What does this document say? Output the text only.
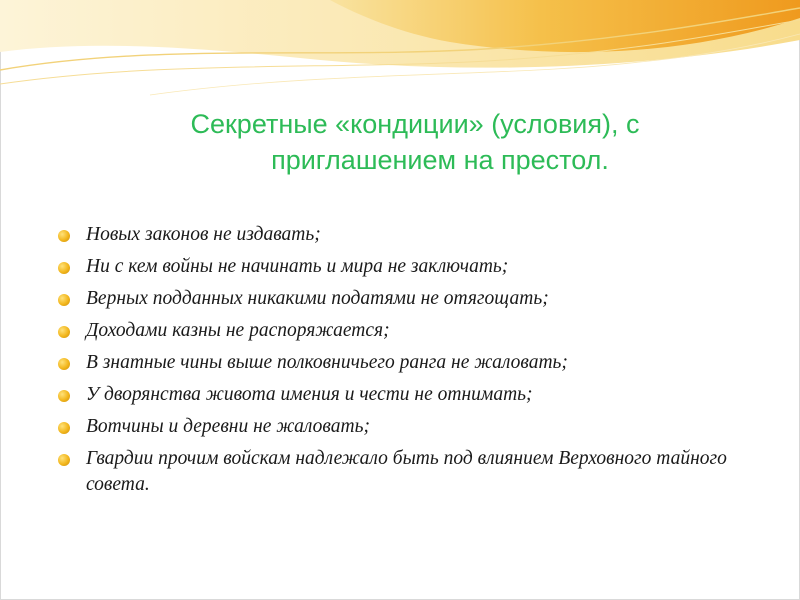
Секретные «кондиции» (условия), с
приглашением на престол.
Новых законов не издавать;
Ни с кем войны не начинать и мира не заключать;
Верных подданных никакими податями не отягощать;
Доходами казны не распоряжается;
В знатные чины выше полковничьего ранга не жаловать;
У дворянства живота имения и чести не отнимать;
Вотчины и деревни не жаловать;
Гвардии прочим войскам надлежало быть под влиянием Верховного тайного совета.
